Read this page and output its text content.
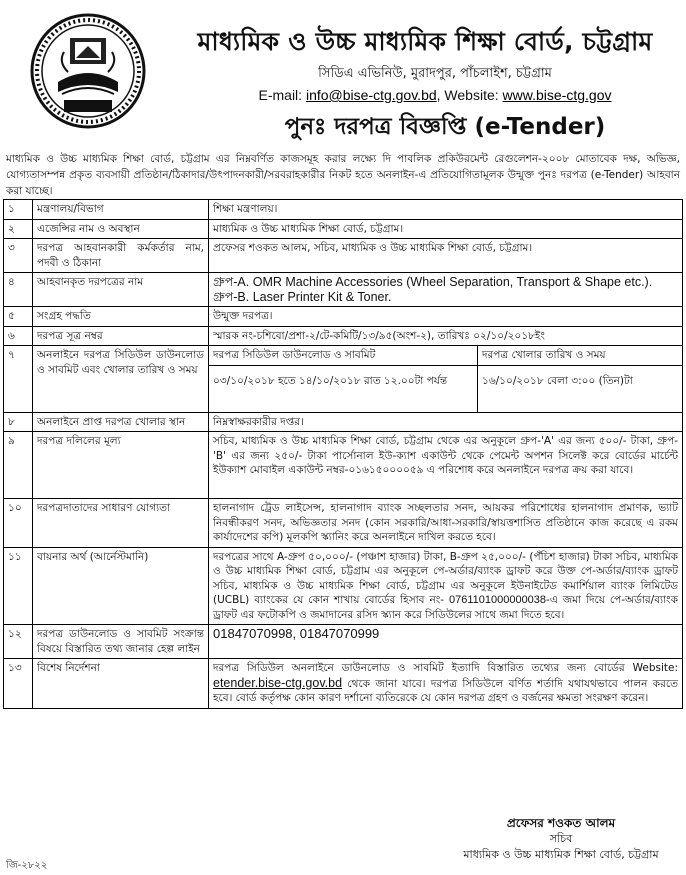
মাধ্যমিক ও উচ্চ মাধ্যমিক শিক্ষা বোর্ড, চট্টগ্রাম
সিডিএ এভিনিউ, মুরাদপুর, পাঁচলাইশ, চট্টগ্রাম
E-mail: info@bise-ctg.gov.bd, Website: www.bise-ctg.gov
পুনঃ দরপত্র বিজ্ঞপ্তি (e-Tender)
মাধ্যমিক ও উচ্চ মাধ্যমিক শিক্ষা বোর্ড, চট্টগ্রাম এর নিম্নবর্ণিত কাজসমূহ করার লক্ষ্যে দি পাবলিক প্রকিউরমেন্ট রেগুলেশন-২০০৮ মোতাবেক দক্ষ, অভিজ্ঞ, যোগ্যতাসম্পন্ন প্রকৃত ব্যবসায়ী প্রতিষ্ঠান/ঠিকাদার/উৎপাদনকারী/সরবরাহকারীর নিকট হতে অনলাইন-এ প্রতিযোগিতামূলক উন্মুক্ত পুনঃ দরপত্র (e-Tender) আহবান করা যাচ্ছে।
১	মন্ত্রণালয়/বিভাগ	শিক্ষা মন্ত্রণালয়।
২	এজেন্সির নাম ও অবস্থান	মাধ্যমিক ও উচ্চ মাধ্যমিক শিক্ষা বোর্ড, চট্টগ্রাম।
৩	দরপত্র আহবানকারী কর্মকর্তার নাম, পদবী ও ঠিকানা	প্রফেসর শওকত আলম, সচিব, মাধ্যমিক ও উচ্চ মাধ্যমিক শিক্ষা বোর্ড, চট্টগ্রাম।
৪	আহবানকৃত দরপত্রের নাম	গ্রুপ-A. OMR Machine Accessories (Wheel Separation, Transport & Shape etc.).
গ্রুপ-B. Laser Printer Kit & Toner.

৫	সংগ্রহ পদ্ধতি	উন্মুক্ত দরপত্র।
৬	দরপত্র সূত্র নম্বর	স্মারক নং-চশিবো/প্রশা-২/টে-কমিটি/১৩/৯৫(অংশ-২), তারিখঃ ০২/১০/২০১৮ইং
৭	অনলাইনে দরপত্র সিডিউল ডাউনলোড ও সাবমিট এবং খোলার তারিখ ও সময়	
দরপত্র সিডিউল ডাউনলোড ও সাবমিট	দরপত্র খোলার তারিখ ও সময়
০৩/১০/২০১৮ হতে ১৪/১০/২০১৮ রাত ১২.০০টা পর্যন্ত	১৬/১০/২০১৮ বেলা ৩:০০ (তিন)টা

৮	অনলাইনে প্রাপ্ত দরপত্র খোলার স্থান	নিম্নস্বাক্ষরকারীর দপ্তর।
৯	দরপত্র দলিলের মূল্য	সচিব, মাধ্যমিক ও উচ্চ মাধ্যমিক শিক্ষা বোর্ড, চট্টগ্রাম থেকে এর অনুকূলে গ্রুপ-'A' এর জন্য ৫০০/- টাকা, গ্রুপ-'B' এর জন্য ২৫০/- টাকা পার্সোনাল ইউ-ক্যাশ একাউন্ট থেকে পেমেন্ট অপশন সিলেক্ট করে বোর্ডের মার্চেন্ট ইউক্যাশ মোবাইল একাউন্ট নম্বর-০১৬১৫০০০০৫৯ এ পরিশোধ করে অনলাইনে দরপত্র ক্রয় করা যাবে।
১০	দরপত্রদাতাদের সাধারণ যোগ্যতা	হালনাগাদ ট্রেড লাইসেন্স, হালনাগাদ ব্যাংক সচ্ছলতার সনদ, আয়কর পরিশোধের হালনাগাদ প্রমাণক, ভ্যাট নিবন্ধীকরণ সনদ, অভিজ্ঞতার সনদ (কোন সরকারি/আধা-সরকারি/স্বায়ত্তশাসিত প্রতিষ্ঠানে কাজ করেছে এ রকম কার্যাদেশের কপি) মূলকপি স্ক্যানিং করে অনলাইনে দাখিল করতে হবে।
১১	বায়নার অর্থ (আর্নেস্টমানি)	দরপত্রের সাথে A-গ্রুপ ৫০,০০০/- (পঞ্চাশ হাজার) টাকা, B-গ্রুপ ২৫,০০০/- (পঁচিশ হাজার) টাকা সচিব, মাধ্যমিক ও উচ্চ মাধ্যমিক শিক্ষা বোর্ড, চট্টগ্রাম এর অনুকূলে পে-অর্ডার/ব্যাংক ড্রাফট করে উক্ত পে-অর্ডার/ব্যাংক ড্রাফট সচিব, মাধ্যমিক ও উচ্চ মাধ্যমিক শিক্ষা বোর্ড, চট্টগ্রাম এর অনুকূলে ইউনাইটেড কমার্শিয়াল ব্যাংক লিমিটেড (UCBL) ব্যাংকের যে কোন শাখায় বোর্ডের হিসাব নং- 0761101000000038-এ জমা দিয়ে পে-অর্ডার/ব্যাংক ড্রাফট এর ফটোকপি ও জমাদানের রসিদ স্ক্যান করে সিডিউলের সাথে জমা দিতে হবে।
১২	দরপত্র ডাউনলোড ও সাবমিট সংক্রান্ত বিষয়ে বিস্তারিত তথ্য জানার হেল্প লাইন	01847070998, 01847070999
১৩	বিশেষ নির্দেশনা	দরপত্র সিডিউল অনলাইনে ডাউনলোড ও সাবমিট ইত্যাদি বিস্তারিত তথ্যের জন্য বোর্ডের Website: etender.bise-ctg.gov.bd থেকে জানা যাবে। দরপত্র সিডিউলে বর্ণিত শর্তাদি যথাযথভাবে পালন করতে হবে। বোর্ড কর্তৃপক্ষ কোন কারণ দর্শানো ব্যতিরেকে যে কোন দরপত্র গ্রহণ ও বর্জনের ক্ষমতা সংরক্ষণ করেন।
প্রফেসর শওকত আলম
সচিব
মাধ্যমিক ও উচ্চ মাধ্যমিক শিক্ষা বোর্ড, চট্টগ্রাম
জি-২৮২২
